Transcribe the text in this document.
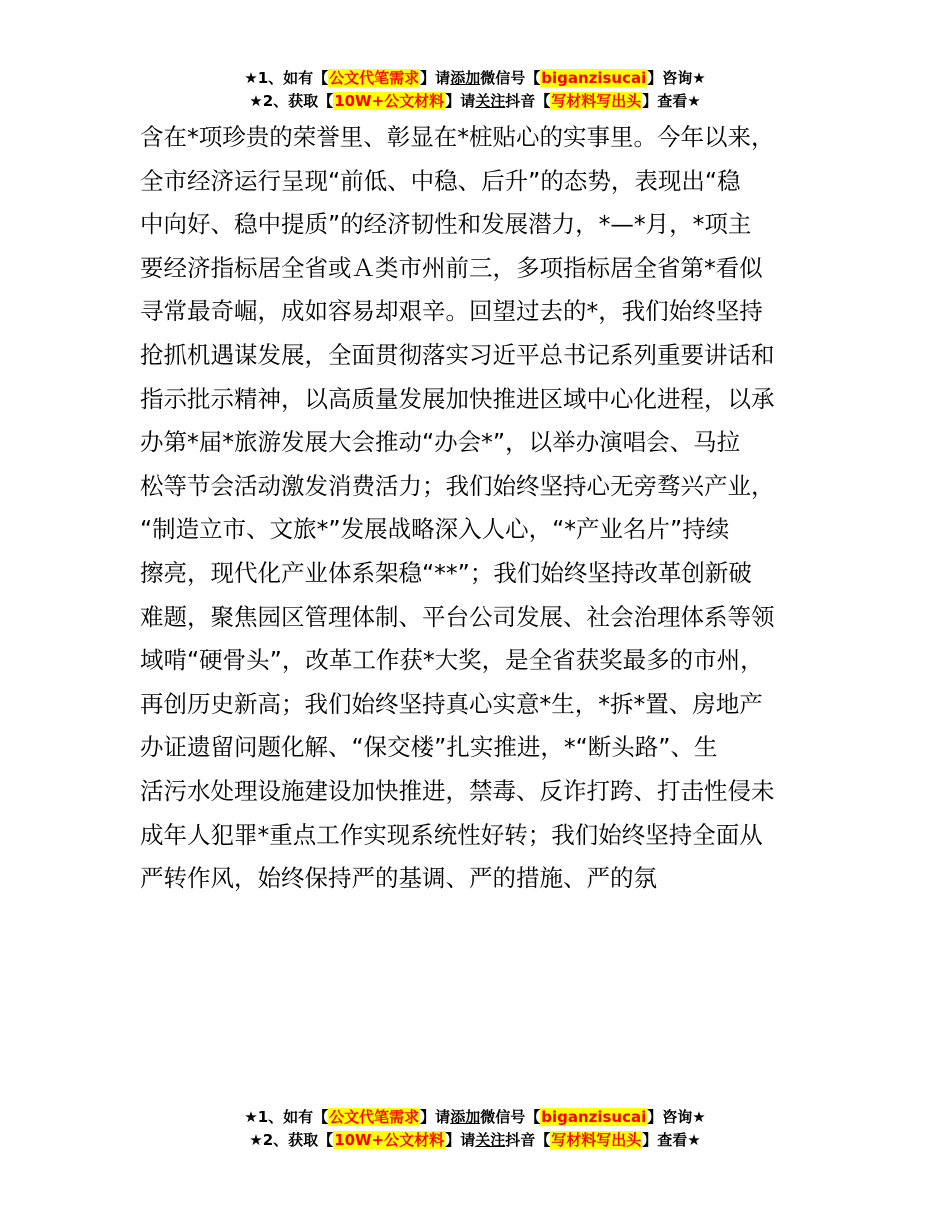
★1、如有【公文代笔需求】请添加微信号【biganzisucai】咨询★
★2、获取【10W+公文材料】请关注抖音【写材料写出头】查看★
含在*项珍贵的荣誉里、彰显在*桩贴心的实事里。今年以来，
全市经济运行呈现“前低、中稳、后升”的态势，表现出“稳
中向好、稳中提质”的经济韧性和发展潜力，*—*月，*项主
要经济指标居全省或Ａ类市州前三，多项指标居全省第*看似
寻常最奇崛，成如容易却艰辛。回望过去的*，我们始终坚持
抢抓机遇谋发展，全面贯彻落实习近平总书记系列重要讲话和
指示批示精神，以高质量发展加快推进区域中心化进程，以承
办第*届*旅游发展大会推动“办会*”，以举办演唱会、马拉
松等节会活动激发消费活力；我们始终坚持心无旁骛兴产业，
“制造立市、文旅*”发展战略深入人心，“*产业名片”持续
擦亮，现代化产业体系架稳“**”；我们始终坚持改革创新破
难题，聚焦园区管理体制、平台公司发展、社会治理体系等领
域啃“硬骨头”，改革工作获*大奖，是全省获奖最多的市州，
再创历史新高；我们始终坚持真心实意*生，*拆*置、房地产
办证遗留问题化解、“保交楼”扎实推进，*“断头路”、生
活污水处理设施建设加快推进，禁毒、反诈打跨、打击性侵未
成年人犯罪*重点工作实现系统性好转；我们始终坚持全面从
严转作风，始终保持严的基调、严的措施、严的氛
★1、如有【公文代笔需求】请添加微信号【biganzisucai】咨询★
★2、获取【10W+公文材料】请关注抖音【写材料写出头】查看★
